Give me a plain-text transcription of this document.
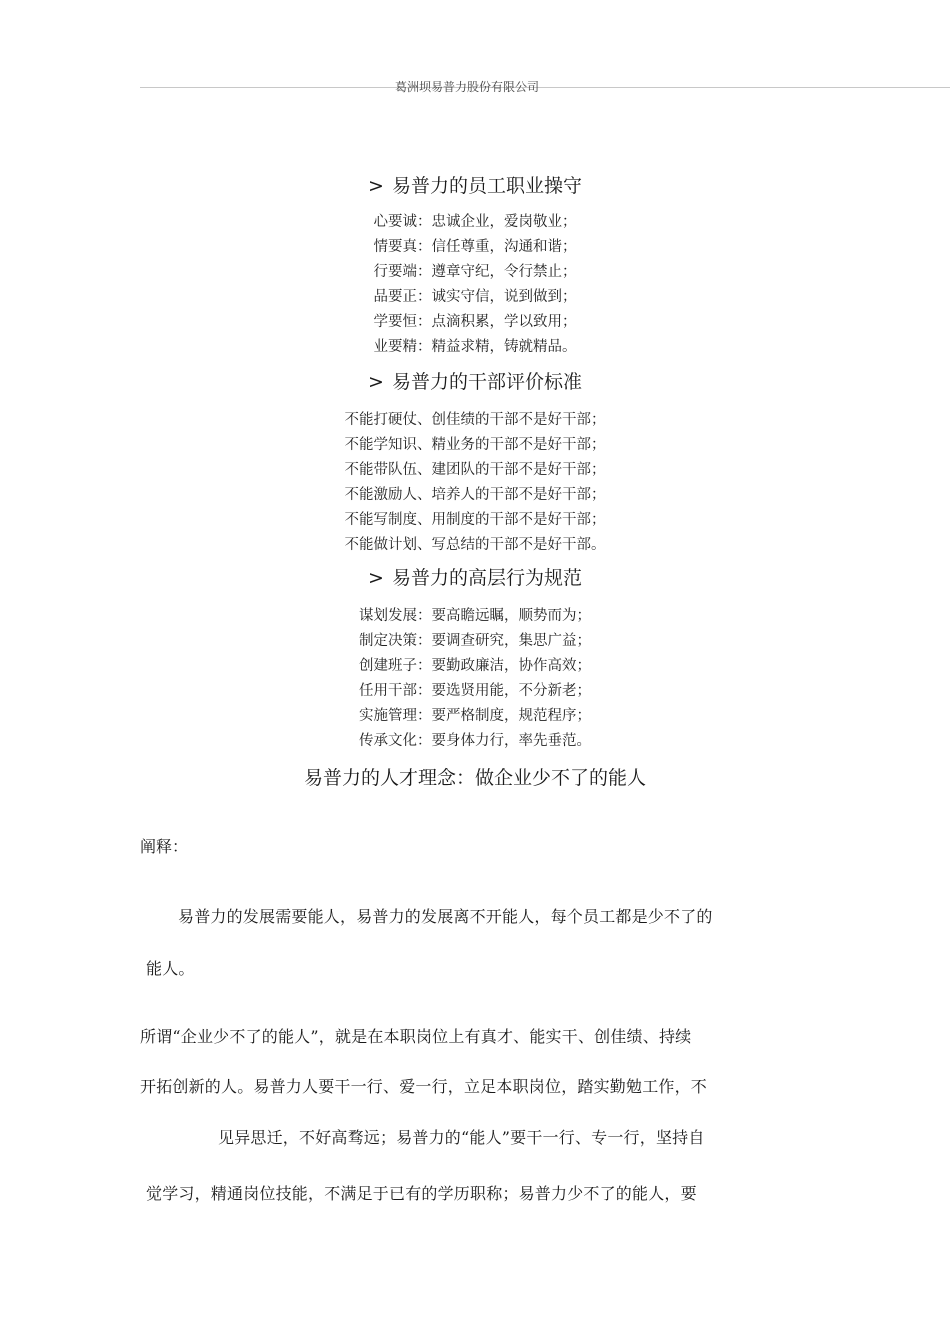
葛洲坝易普力股份有限公司
> 易普力的员工职业操守
心要诚：忠诚企业，爱岗敬业；
情要真：信任尊重，沟通和谐；
行要端：遵章守纪，令行禁止；
品要正：诚实守信，说到做到；
学要恒：点滴积累，学以致用；
业要精：精益求精，铸就精品。
> 易普力的干部评价标准
不能打硬仗、创佳绩的干部不是好干部；
不能学知识、精业务的干部不是好干部；
不能带队伍、建团队的干部不是好干部；
不能激励人、培养人的干部不是好干部；
不能写制度、用制度的干部不是好干部；
不能做计划、写总结的干部不是好干部。
> 易普力的高层行为规范
谋划发展：要高瞻远瞩，顺势而为；
制定决策：要调查研究，集思广益；
创建班子：要勤政廉洁，协作高效；
任用干部：要选贤用能，不分新老；
实施管理：要严格制度，规范程序；
传承文化：要身体力行，率先垂范。
易普力的人才理念：做企业少不了的能人
阐释：
易普力的发展需要能人，易普力的发展离不开能人，每个员工都是少不了的
能人。
所谓“企业少不了的能人”，就是在本职岗位上有真才、能实干、创佳绩、持续
开拓创新的人。易普力人要干一行、爱一行，立足本职岗位，踏实勤勉工作，不
见异思迁，不好高骛远；易普力的“能人”要干一行、专一行，坚持自
觉学习，精通岗位技能，不满足于已有的学历职称；易普力少不了的能人，要
